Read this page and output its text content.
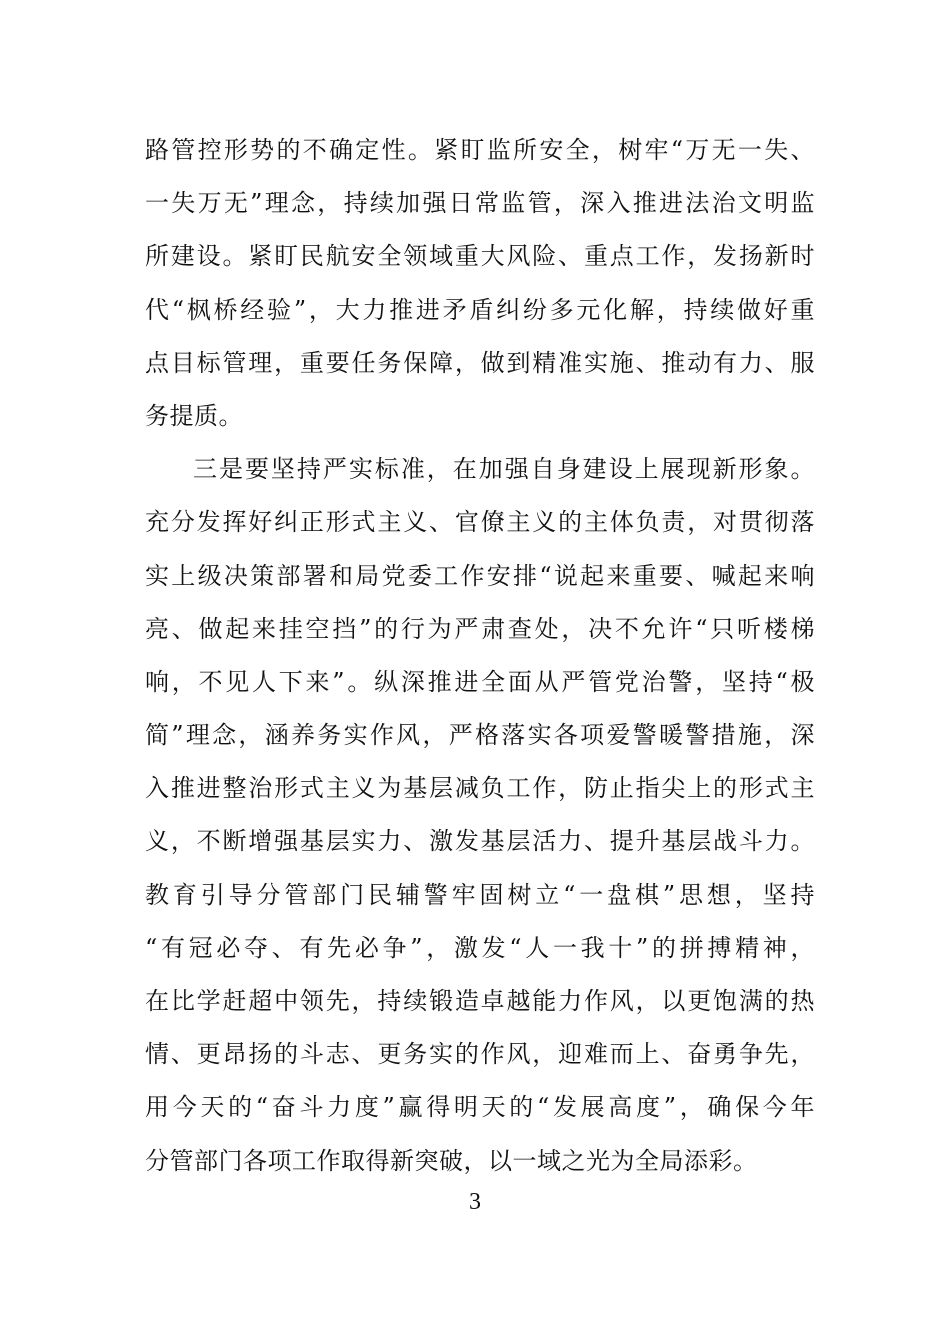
路管控形势的不确定性。紧盯监所安全，树牢“万无一失、
一失万无”理念，持续加强日常监管，深入推进法治文明监
所建设。紧盯民航安全领域重大风险、重点工作，发扬新时
代“枫桥经验”，大力推进矛盾纠纷多元化解，持续做好重
点目标管理，重要任务保障，做到精准实施、推动有力、服
务提质。
三是要坚持严实标准，在加强自身建设上展现新形象。
充分发挥好纠正形式主义、官僚主义的主体负责，对贯彻落
实上级决策部署和局党委工作安排“说起来重要、喊起来响
亮、做起来挂空挡”的行为严肃查处，决不允许“只听楼梯
响，不见人下来”。纵深推进全面从严管党治警，坚持“极
简”理念，涵养务实作风，严格落实各项爱警暖警措施，深
入推进整治形式主义为基层减负工作，防止指尖上的形式主
义，不断增强基层实力、激发基层活力、提升基层战斗力。
教育引导分管部门民辅警牢固树立“一盘棋”思想，坚持
“有冠必夺、有先必争”，激发“人一我十”的拼搏精神，
在比学赶超中领先，持续锻造卓越能力作风，以更饱满的热
情、更昂扬的斗志、更务实的作风，迎难而上、奋勇争先，
用今天的“奋斗力度”赢得明天的“发展高度”，确保今年
分管部门各项工作取得新突破，以一域之光为全局添彩。
3
